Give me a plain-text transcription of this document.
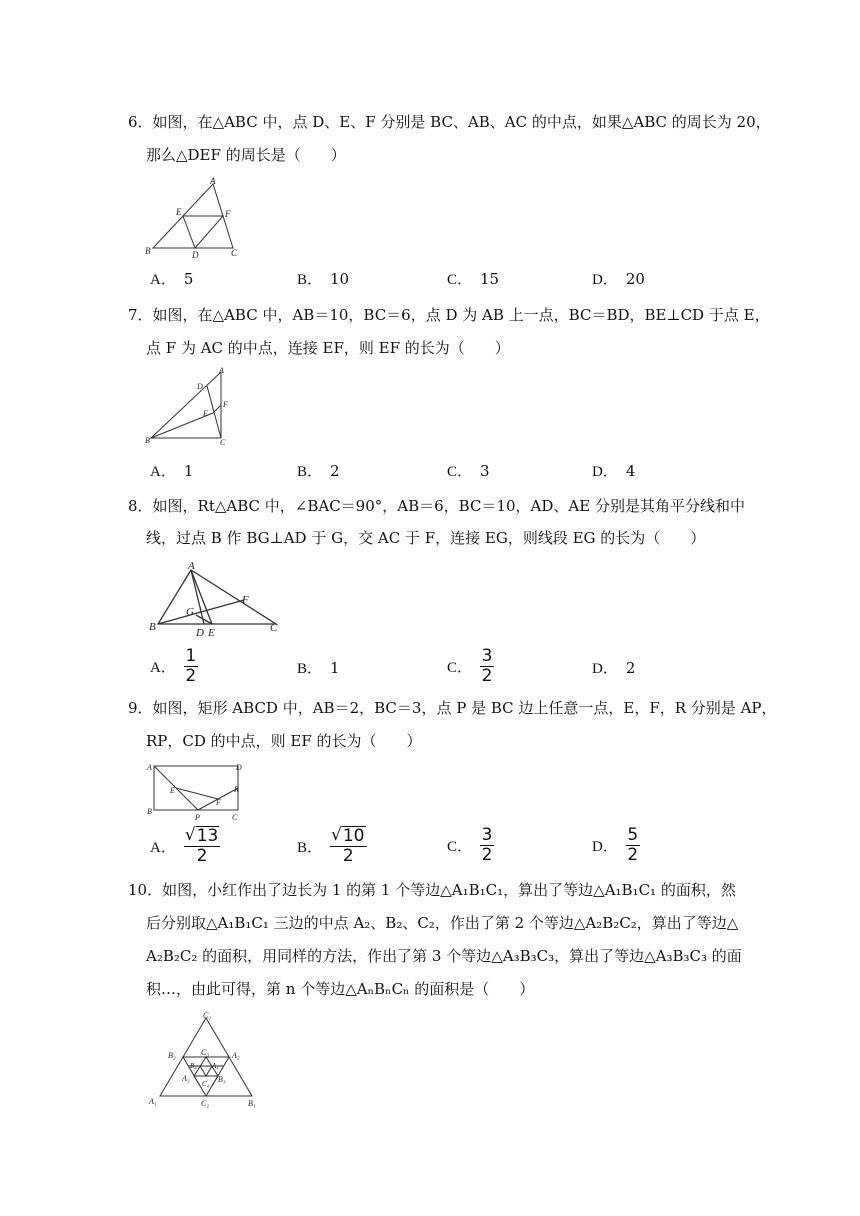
6．如图，在△ABC 中，点 D、E、F 分别是 BC、AB、AC 的中点，如果△ABC 的周长为 20，
那么△DEF 的周长是（　　）
A
B	C
D
E	F
A． 5	B． 10	C． 15	D． 20
7．如图，在△ABC 中，AB＝10，BC＝6，点 D 为 AB 上一点，BC＝BD，BE⊥CD 于点 E，
点 F 为 AC 的中点，连接 EF，则 EF 的长为（　　）
A
B	C
D
E
F
A． 1	B． 2	C． 3	D． 4
8．如图，Rt△ABC 中，∠BAC＝90°，AB＝6，BC＝10，AD、AE 分别是其角平分线和中
线，过点 B 作 BG⊥AD 于 G，交 AC 于 F，连接 EG，则线段 EG 的长为（　　）
A
B	C
D E
F
G
A． $\frac{1}{2}$	B． 1	C． $\frac{3}{2}$	D． 2
9．如图，矩形 ABCD 中，AB＝2，BC＝3，点 P 是 BC 边上任意一点，E，F，R 分别是 AP，
RP，CD 的中点，则 EF 的长为（　　）
A
B
C
D
E
F
P
R
A． $\frac{√ 13}{2}$	B． $\frac{√ 10}{2}$	C． $\frac{3}{2}$	D． $\frac{5}{2}$
10．如图，小红作出了边长为 1 的第 1 个等边△A₁B₁C₁，算出了等边△A₁B₁C₁ 的面积，然
后分别取△A₁B₁C₁ 三边的中点 A₂、B₂、C₂，作出了第 2 个等边△A₂B₂C₂，算出了等边△
A₂B₂C₂ 的面积，用同样的方法，作出了第 3 个等边△A₃B₃C₃，算出了等边△A₃B₃C₃ 的面
积…，由此可得，第 n 个等边△AₙBₙCₙ 的面积是（　　）
C₁
A₁	B₁
B₂	A₂
C₂
C₃
A₃	B₃
B₄ A₄
C₄
